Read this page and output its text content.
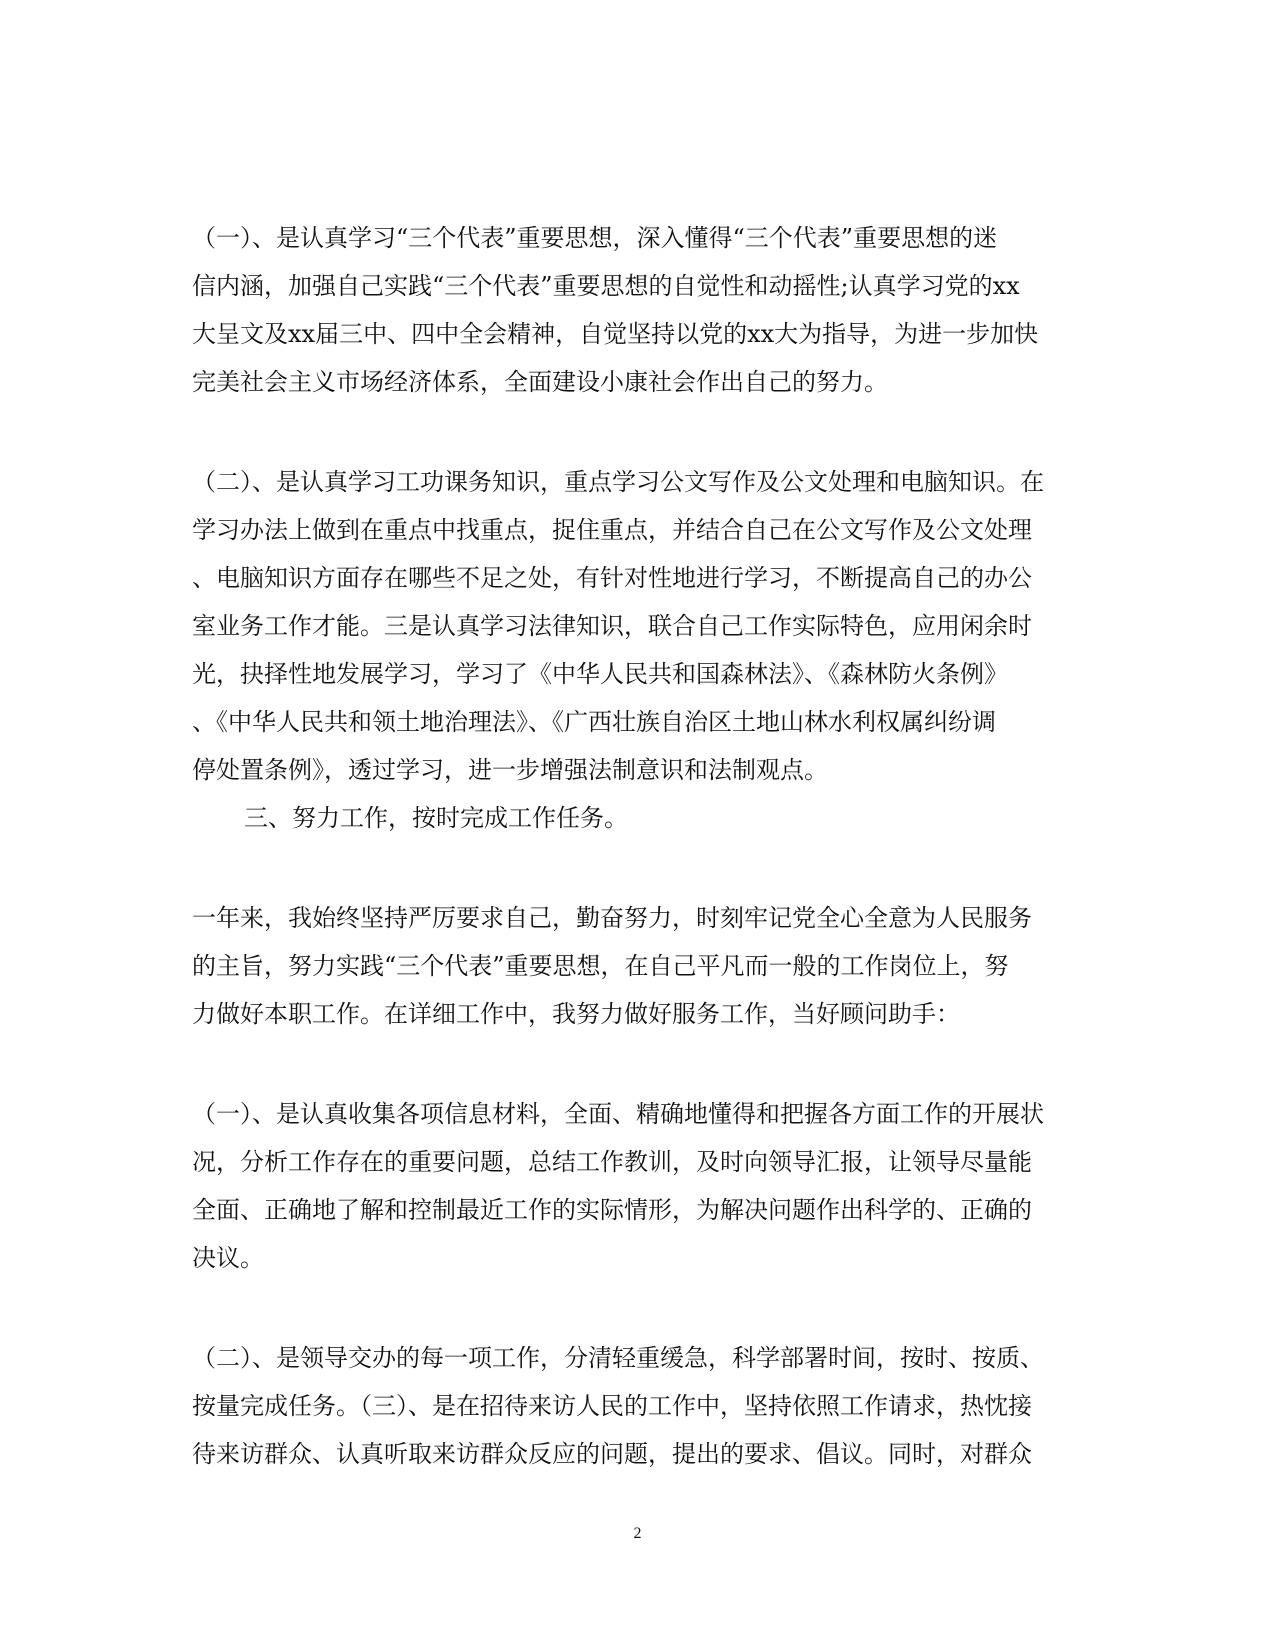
（一）、是认真学习“三个代表”重要思想，深入懂得“三个代表”重要思想的迷
信内涵，加强自己实践“三个代表”重要思想的自觉性和动摇性;认真学习党的xx
大呈文及xx届三中、四中全会精神，自觉坚持以党的xx大为指导，为进一步加快
完美社会主义市场经济体系，全面建设小康社会作出自己的努力。
（二）、是认真学习工功课务知识，重点学习公文写作及公文处理和电脑知识。在
学习办法上做到在重点中找重点，捉住重点，并结合自己在公文写作及公文处理
、电脑知识方面存在哪些不足之处，有针对性地进行学习，不断提高自己的办公
室业务工作才能。三是认真学习法律知识，联合自己工作实际特色，应用闲余时
光，抉择性地发展学习，学习了《中华人民共和国森林法》、《森林防火条例》
、《中华人民共和领土地治理法》、《广西壮族自治区土地山林水利权属纠纷调
停处置条例》，透过学习，进一步增强法制意识和法制观点。
三、努力工作，按时完成工作任务。
一年来，我始终坚持严厉要求自己，勤奋努力，时刻牢记党全心全意为人民服务
的主旨，努力实践“三个代表”重要思想，在自己平凡而一般的工作岗位上，努
力做好本职工作。在详细工作中，我努力做好服务工作，当好顾问助手：
（一）、是认真收集各项信息材料，全面、精确地懂得和把握各方面工作的开展状
况，分析工作存在的重要问题，总结工作教训，及时向领导汇报，让领导尽量能
全面、正确地了解和控制最近工作的实际情形，为解决问题作出科学的、正确的
决议。
（二）、是领导交办的每一项工作，分清轻重缓急，科学部署时间，按时、按质、
按量完成任务。（三）、是在招待来访人民的工作中，坚持依照工作请求，热忱接
待来访群众、认真听取来访群众反应的问题，提出的要求、倡议。同时，对群众
2
